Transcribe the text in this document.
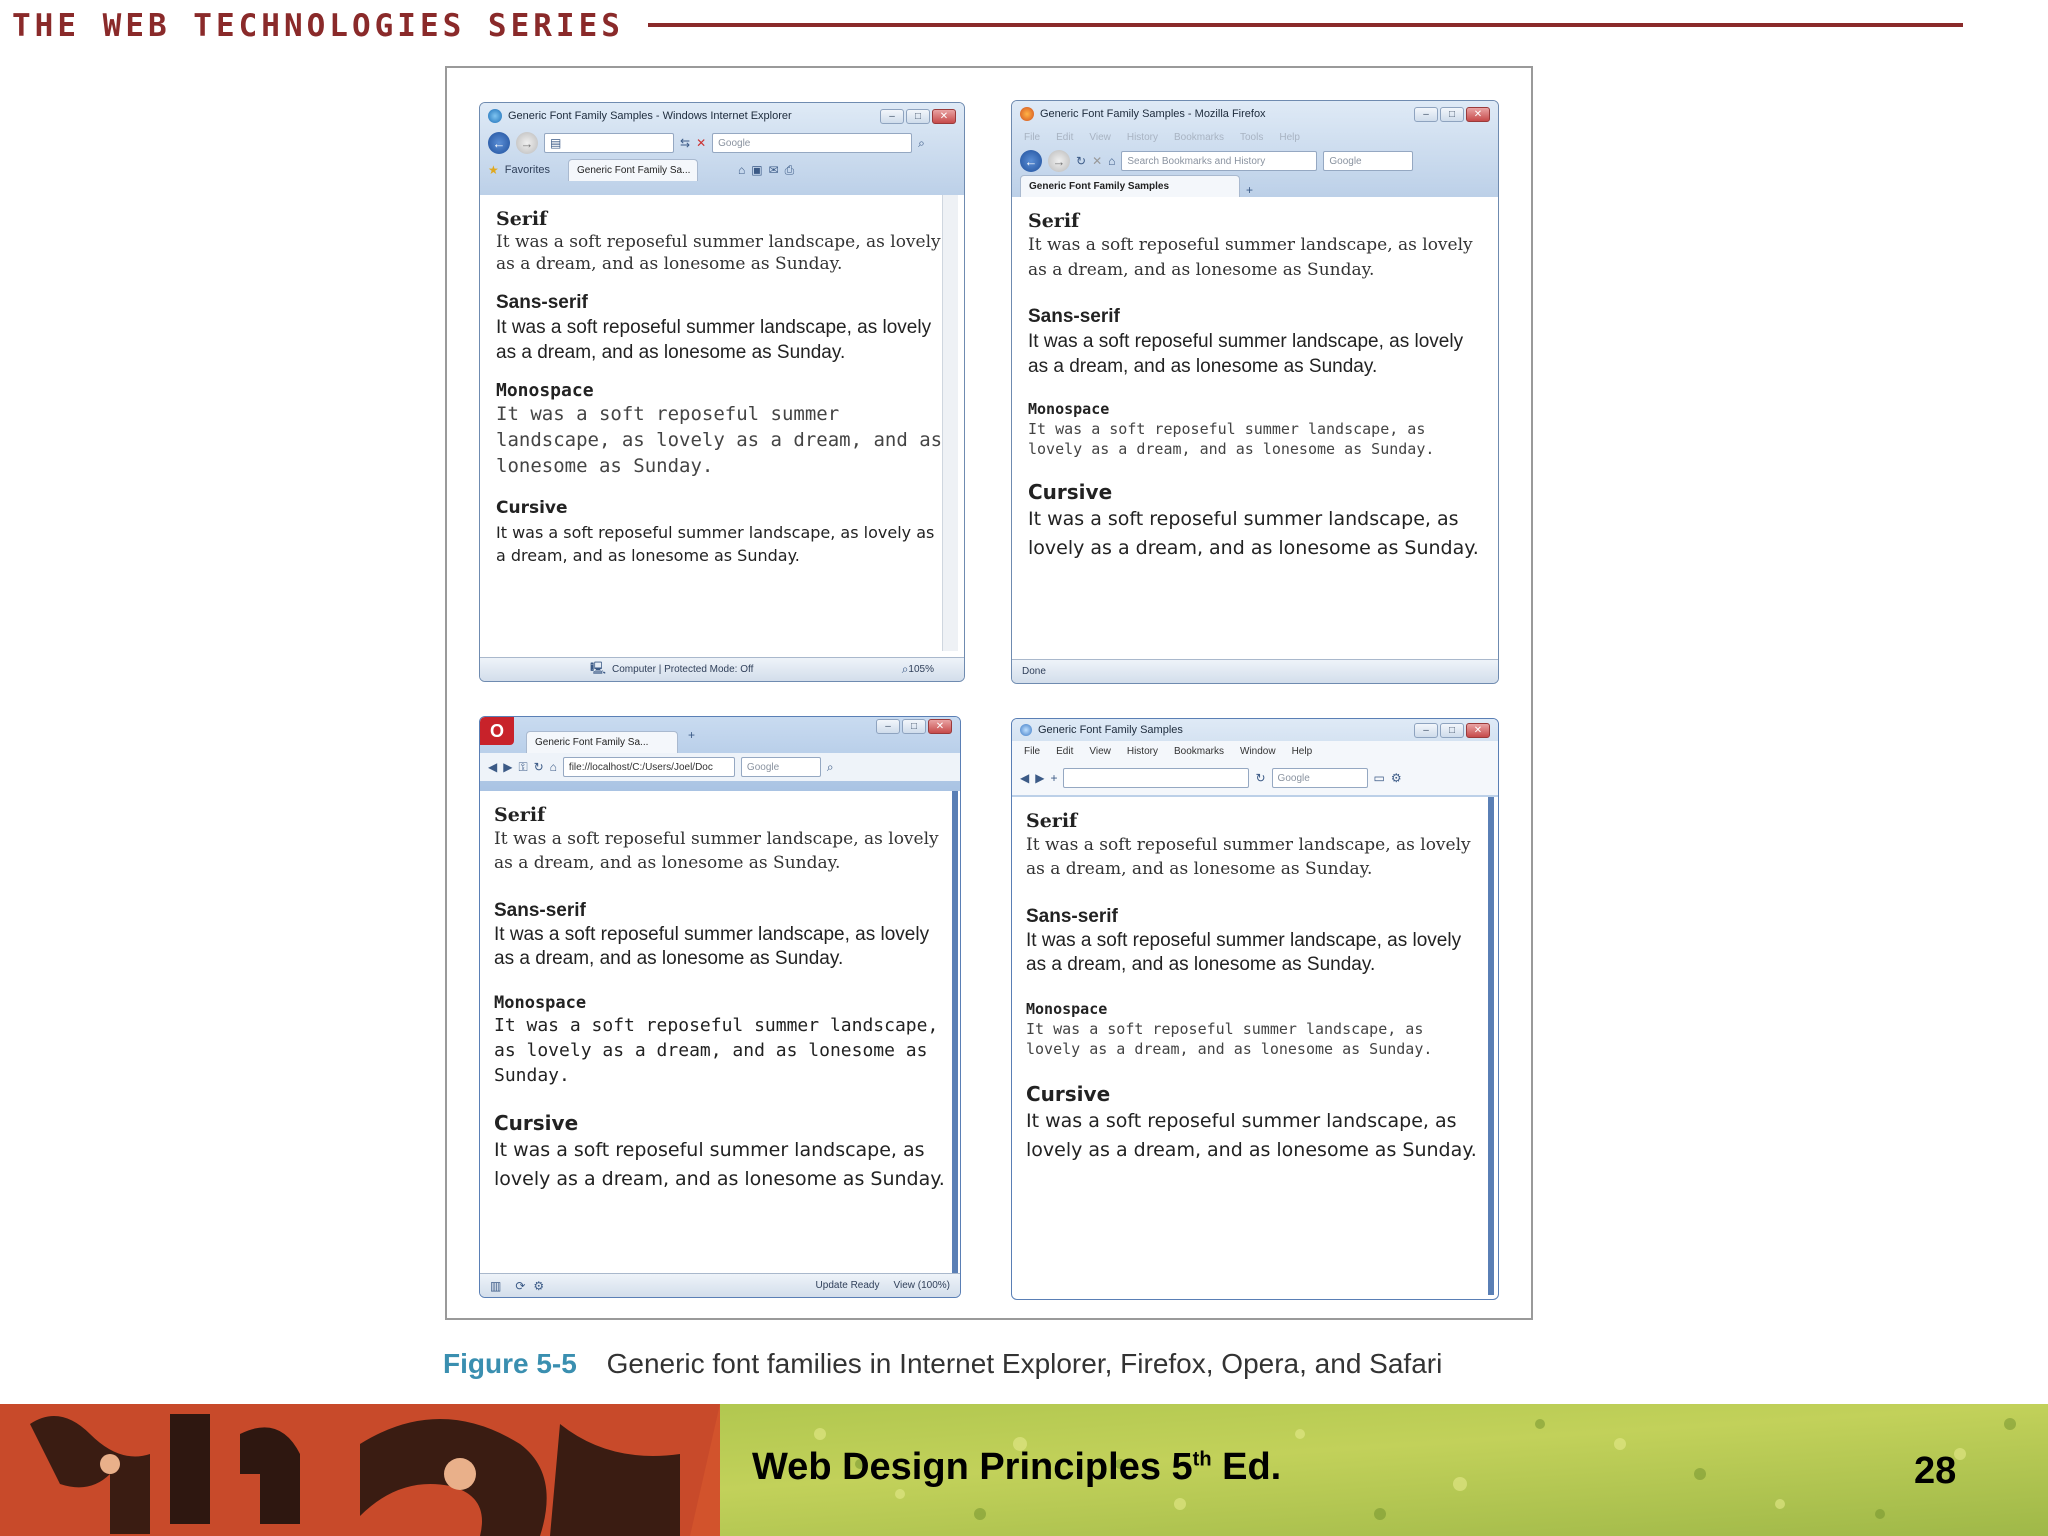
THE WEB TECHNOLOGIES SERIES
Generic Font Family Samples - Windows Internet Explorer	–	□	✕
←	→	▤	⇆ ✕ Google	⌕
★ Favorites	Generic Font Family Sa...	⌂ ▣ ✉ ⎙
Serif
It was a soft reposeful summer landscape, as lovely as a dream, and as lonesome as Sunday.
Sans-serif
It was a soft reposeful summer landscape, as lovely as a dream, and as lonesome as Sunday.
Monospace
It was a soft reposeful summer landscape, as lovely as a dream, and as lonesome as Sunday.
Cursive
It was a soft reposeful summer landscape, as lovely as a dream, and as lonesome as Sunday.
🖳 Computer | Protected Mode: Off	⌕ 105%
Generic Font Family Samples - Mozilla Firefox	–	□	✕
File Edit View History Bookmarks Tools Help
←	→ ↻ ✕ ⌂ Search Bookmarks and History	Google
Generic Font Family Samples	+
Serif
It was a soft reposeful summer landscape, as lovely as a dream, and as lonesome as Sunday.
Sans-serif
It was a soft reposeful summer landscape, as lovely as a dream, and as lonesome as Sunday.
Monospace
It was a soft reposeful summer landscape, as lovely as a dream, and as lonesome as Sunday.
Cursive
It was a soft reposeful summer landscape, as lovely as a dream, and as lonesome as Sunday.
Done
O
Generic Font Family Sa...
+
–	□	✕
◀ ▶ ⚿ ↻ ⌂ file://localhost/C:/Users/Joel/Doc	Google	⌕
Serif
It was a soft reposeful summer landscape, as lovely as a dream, and as lonesome as Sunday.
Sans-serif
It was a soft reposeful summer landscape, as lovely as a dream, and as lonesome as Sunday.
Monospace
It was a soft reposeful summer landscape, as lovely as a dream, and as lonesome as Sunday.
Cursive
It was a soft reposeful summer landscape, as lovely as a dream, and as lonesome as Sunday.
▥ ⟳ ⚙	Update Ready View (100%)
Generic Font Family Samples	–	□	✕
File Edit View History Bookmarks Window Help
◀ ▶ +	↻ Google	▭ ⚙
Serif
It was a soft reposeful summer landscape, as lovely as a dream, and as lonesome as Sunday.
Sans-serif
It was a soft reposeful summer landscape, as lovely as a dream, and as lonesome as Sunday.
Monospace
It was a soft reposeful summer landscape, as lovely as a dream, and as lonesome as Sunday.
Cursive
It was a soft reposeful summer landscape, as lovely as a dream, and as lonesome as Sunday.
Figure 5-5 Generic font families in Internet Explorer, Firefox, Opera, and Safari
Web Design Principles 5th Ed.	28
